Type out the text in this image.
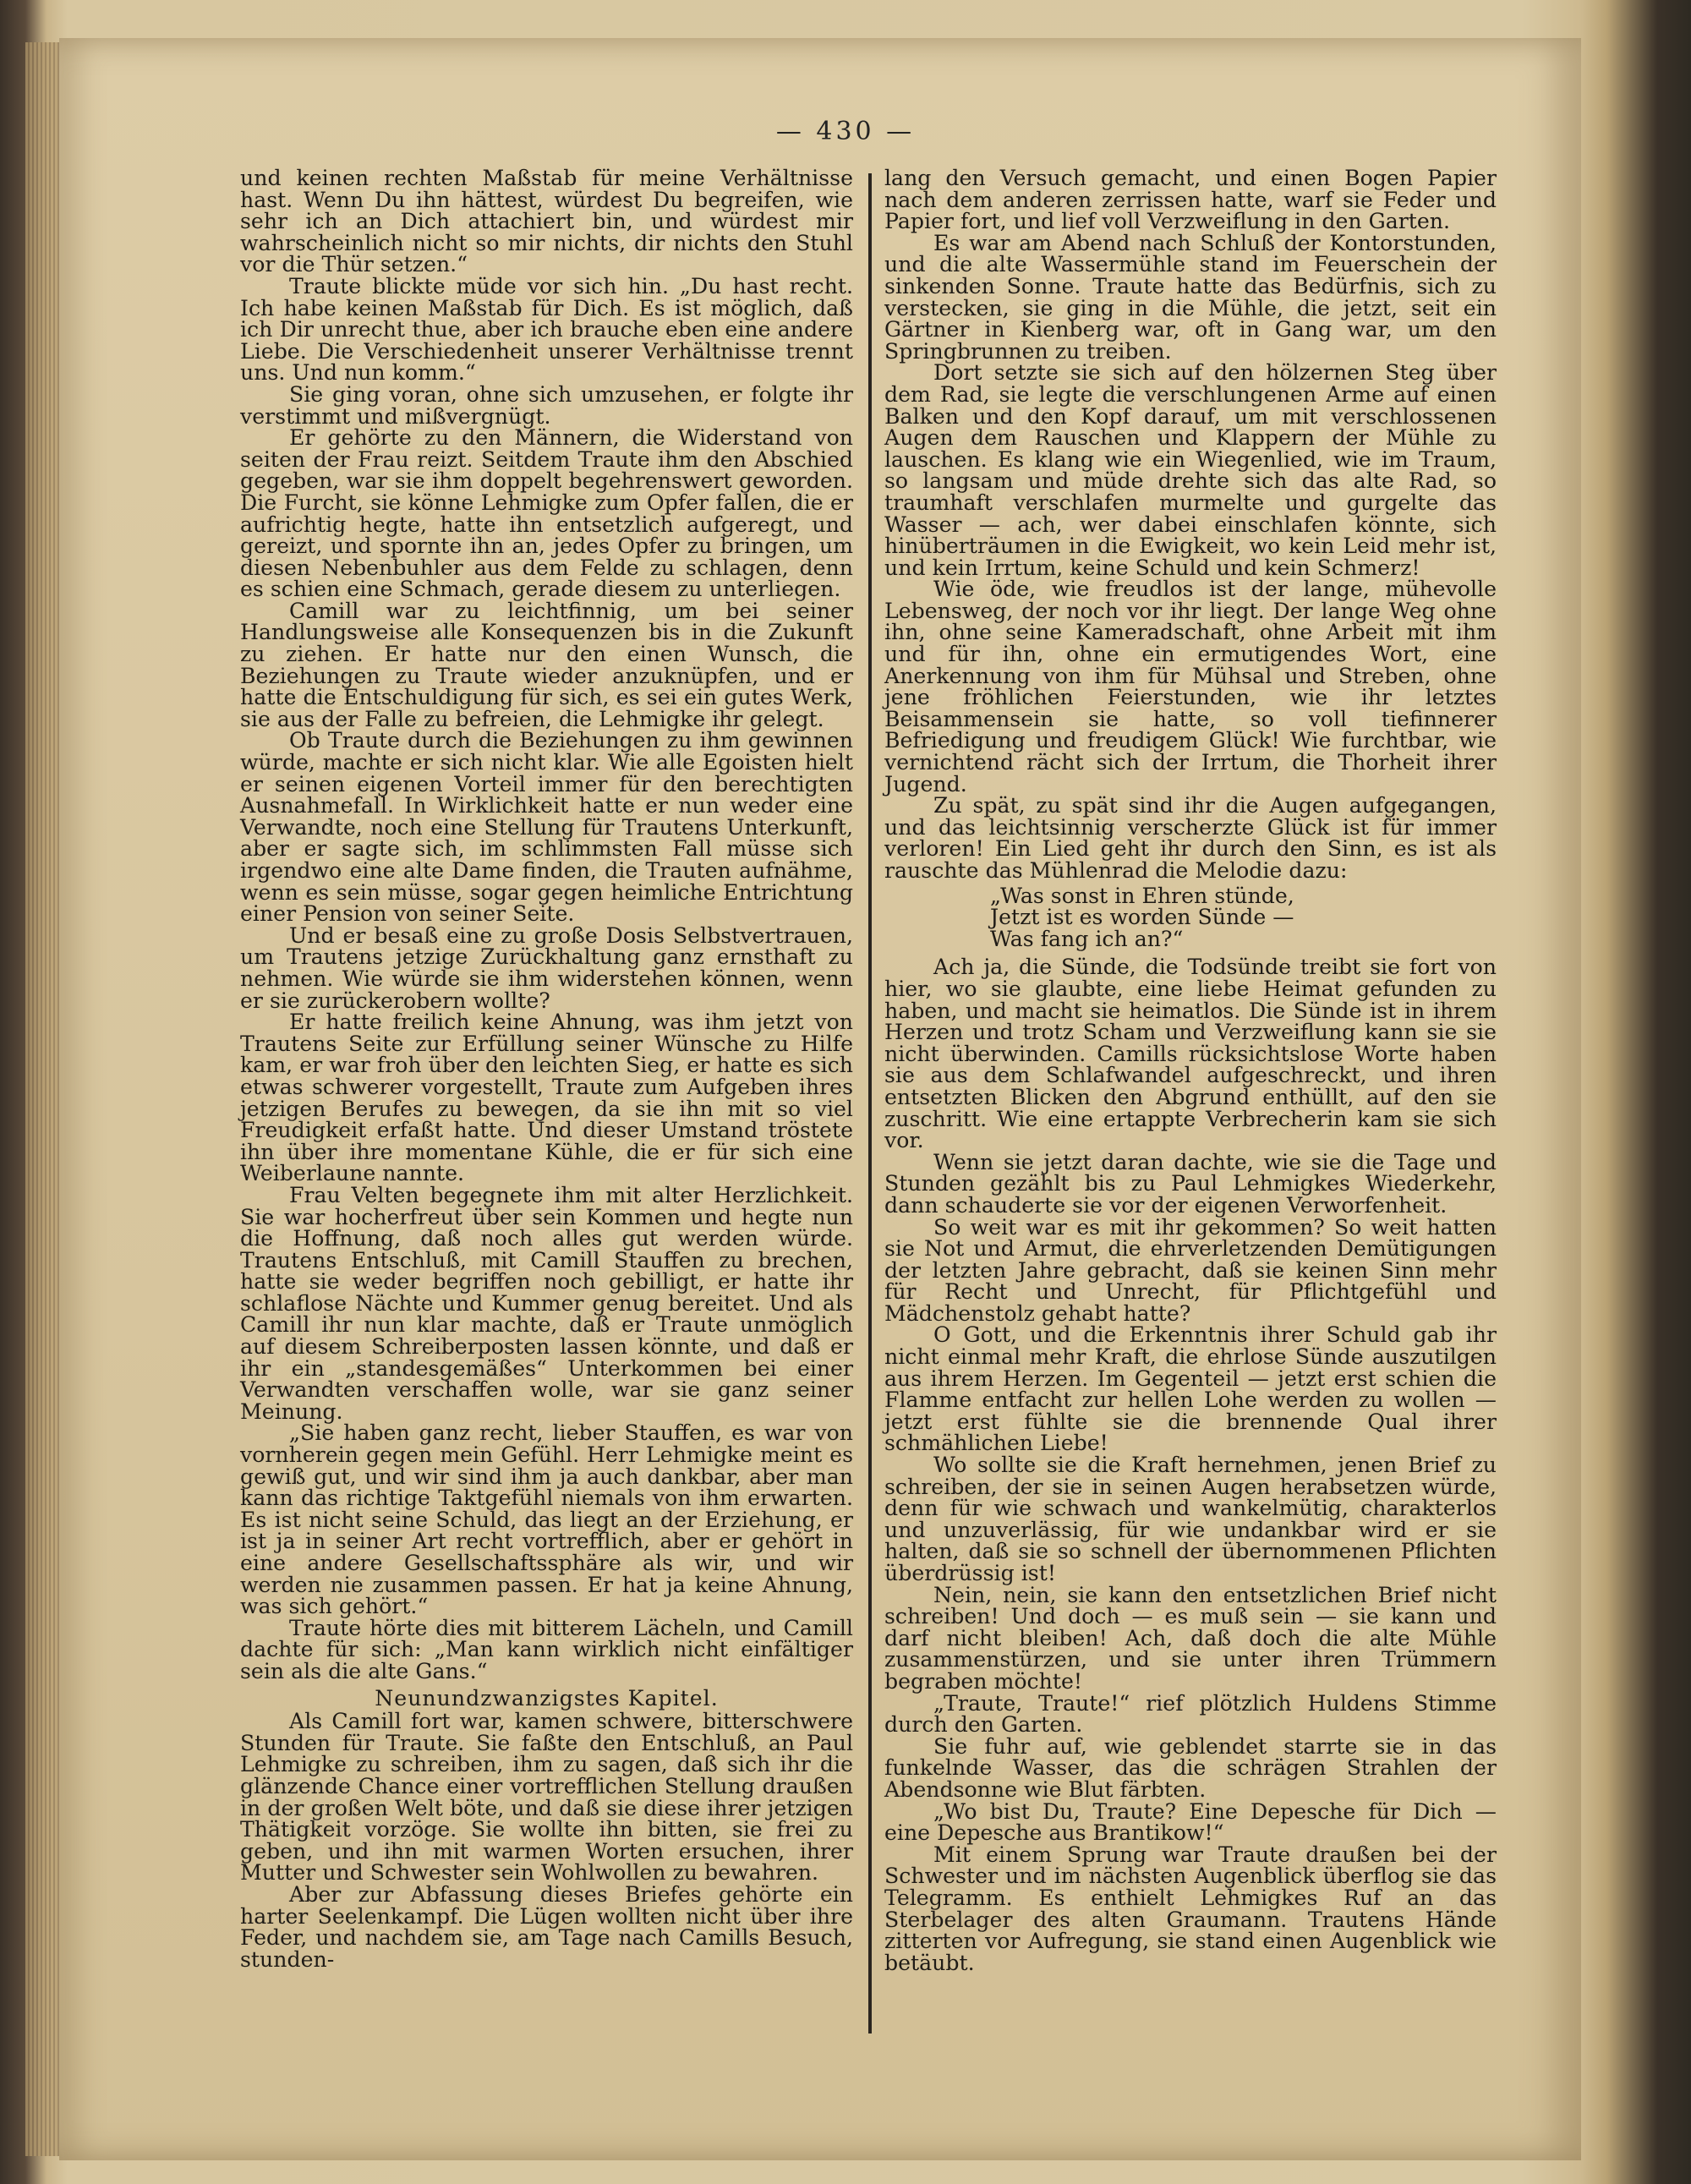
— 430 —

und keinen rechten Maßstab für meine Verhältnisse hast. Wenn Du ihn hättest, würdest Du begreifen, wie sehr ich an Dich attachiert bin, und würdest mir wahrscheinlich nicht so mir nichts, dir nichts den Stuhl vor die Thür setzen.“

Traute blickte müde vor sich hin. „Du hast recht. Ich habe keinen Maßstab für Dich. Es ist möglich, daß ich Dir unrecht thue, aber ich brauche eben eine andere Liebe. Die Verschiedenheit unserer Verhältnisse trennt uns. Und nun komm.“

Sie ging voran, ohne sich umzusehen, er folgte ihr verstimmt und mißvergnügt.

Er gehörte zu den Männern, die Widerstand von seiten der Frau reizt. Seitdem Traute ihm den Abschied gegeben, war sie ihm doppelt begehrenswert geworden. Die Furcht, sie könne Lehmigke zum Opfer fallen, die er aufrichtig hegte, hatte ihn entsetzlich aufgeregt, und gereizt, und spornte ihn an, jedes Opfer zu bringen, um diesen Nebenbuhler aus dem Felde zu schlagen, denn es schien eine Schmach, gerade diesem zu unterliegen.

Camill war zu leichtfinnig, um bei seiner Handlungsweise alle Konsequenzen bis in die Zukunft zu ziehen. Er hatte nur den einen Wunsch, die Beziehungen zu Traute wieder anzuknüpfen, und er hatte die Entschuldigung für sich, es sei ein gutes Werk, sie aus der Falle zu befreien, die Lehmigke ihr gelegt.

Ob Traute durch die Beziehungen zu ihm gewinnen würde, machte er sich nicht klar. Wie alle Egoisten hielt er seinen eigenen Vorteil immer für den berechtigten Ausnahmefall. In Wirklichkeit hatte er nun weder eine Verwandte, noch eine Stellung für Trautens Unterkunft, aber er sagte sich, im schlimmsten Fall müsse sich irgendwo eine alte Dame finden, die Trauten aufnähme, wenn es sein müsse, sogar gegen heimliche Entrichtung einer Pension von seiner Seite.

Und er besaß eine zu große Dosis Selbstvertrauen, um Trautens jetzige Zurückhaltung ganz ernsthaft zu nehmen. Wie würde sie ihm widerstehen können, wenn er sie zurückerobern wollte?

Er hatte freilich keine Ahnung, was ihm jetzt von Trautens Seite zur Erfüllung seiner Wünsche zu Hilfe kam, er war froh über den leichten Sieg, er hatte es sich etwas schwerer vorgestellt, Traute zum Aufgeben ihres jetzigen Berufes zu bewegen, da sie ihn mit so viel Freudigkeit erfaßt hatte. Und dieser Umstand tröstete ihn über ihre momentane Kühle, die er für sich eine Weiberlaune nannte.

Frau Velten begegnete ihm mit alter Herzlichkeit. Sie war hocherfreut über sein Kommen und hegte nun die Hoffnung, daß noch alles gut werden würde. Trautens Entschluß, mit Camill Stauffen zu brechen, hatte sie weder begriffen noch gebilligt, er hatte ihr schlaflose Nächte und Kummer genug bereitet. Und als Camill ihr nun klar machte, daß er Traute unmöglich auf diesem Schreiberposten lassen könnte, und daß er ihr ein „standesgemäßes“ Unterkommen bei einer Verwandten verschaffen wolle, war sie ganz seiner Meinung.

„Sie haben ganz recht, lieber Stauffen, es war von vornherein gegen mein Gefühl. Herr Lehmigke meint es gewiß gut, und wir sind ihm ja auch dankbar, aber man kann das richtige Taktgefühl niemals von ihm erwarten. Es ist nicht seine Schuld, das liegt an der Erziehung, er ist ja in seiner Art recht vortrefflich, aber er gehört in eine andere Gesellschaftssphäre als wir, und wir werden nie zusammen passen. Er hat ja keine Ahnung, was sich gehört.“

Traute hörte dies mit bitterem Lächeln, und Camill dachte für sich: „Man kann wirklich nicht einfältiger sein als die alte Gans.“

Neunundzwanzigstes Kapitel.

Als Camill fort war, kamen schwere, bitterschwere Stunden für Traute. Sie faßte den Entschluß, an Paul Lehmigke zu schreiben, ihm zu sagen, daß sich ihr die glänzende Chance einer vortrefflichen Stellung draußen in der großen Welt böte, und daß sie diese ihrer jetzigen Thätigkeit vorzöge. Sie wollte ihn bitten, sie frei zu geben, und ihn mit warmen Worten ersuchen, ihrer Mutter und Schwester sein Wohlwollen zu bewahren.

Aber zur Abfassung dieses Briefes gehörte ein harter Seelenkampf. Die Lügen wollten nicht über ihre Feder, und nachdem sie, am Tage nach Camills Besuch, stunden-

lang den Versuch gemacht, und einen Bogen Papier nach dem anderen zerrissen hatte, warf sie Feder und Papier fort, und lief voll Verzweiflung in den Garten.

Es war am Abend nach Schluß der Kontorstunden, und die alte Wassermühle stand im Feuerschein der sinkenden Sonne. Traute hatte das Bedürfnis, sich zu verstecken, sie ging in die Mühle, die jetzt, seit ein Gärtner in Kienberg war, oft in Gang war, um den Springbrunnen zu treiben.

Dort setzte sie sich auf den hölzernen Steg über dem Rad, sie legte die verschlungenen Arme auf einen Balken und den Kopf darauf, um mit verschlossenen Augen dem Rauschen und Klappern der Mühle zu lauschen. Es klang wie ein Wiegenlied, wie im Traum, so langsam und müde drehte sich das alte Rad, so traumhaft verschlafen murmelte und gurgelte das Wasser — ach, wer dabei einschlafen könnte, sich hinüberträumen in die Ewigkeit, wo kein Leid mehr ist, und kein Irrtum, keine Schuld und kein Schmerz!

Wie öde, wie freudlos ist der lange, mühevolle Lebensweg, der noch vor ihr liegt. Der lange Weg ohne ihn, ohne seine Kameradschaft, ohne Arbeit mit ihm und für ihn, ohne ein ermutigendes Wort, eine Anerkennung von ihm für Mühsal und Streben, ohne jene fröhlichen Feierstunden, wie ihr letztes Beisammensein sie hatte, so voll tiefinnerer Befriedigung und freudigem Glück! Wie furchtbar, wie vernichtend rächt sich der Irrtum, die Thorheit ihrer Jugend.

Zu spät, zu spät sind ihr die Augen aufgegangen, und das leichtsinnig verscherzte Glück ist für immer verloren! Ein Lied geht ihr durch den Sinn, es ist als rauschte das Mühlenrad die Melodie dazu:

„Was sonst in Ehren stünde,
Jetzt ist es worden Sünde —
Was fang ich an?“

Ach ja, die Sünde, die Todsünde treibt sie fort von hier, wo sie glaubte, eine liebe Heimat gefunden zu haben, und macht sie heimatlos. Die Sünde ist in ihrem Herzen und trotz Scham und Verzweiflung kann sie sie nicht überwinden. Camills rücksichtslose Worte haben sie aus dem Schlafwandel aufgeschreckt, und ihren entsetzten Blicken den Abgrund enthüllt, auf den sie zuschritt. Wie eine ertappte Verbrecherin kam sie sich vor.

Wenn sie jetzt daran dachte, wie sie die Tage und Stunden gezählt bis zu Paul Lehmigkes Wiederkehr, dann schauderte sie vor der eigenen Verworfenheit.

So weit war es mit ihr gekommen? So weit hatten sie Not und Armut, die ehrverletzenden Demütigungen der letzten Jahre gebracht, daß sie keinen Sinn mehr für Recht und Unrecht, für Pflichtgefühl und Mädchenstolz gehabt hatte?

O Gott, und die Erkenntnis ihrer Schuld gab ihr nicht einmal mehr Kraft, die ehrlose Sünde auszutilgen aus ihrem Herzen. Im Gegenteil — jetzt erst schien die Flamme entfacht zur hellen Lohe werden zu wollen — jetzt erst fühlte sie die brennende Qual ihrer schmählichen Liebe!

Wo sollte sie die Kraft hernehmen, jenen Brief zu schreiben, der sie in seinen Augen herabsetzen würde, denn für wie schwach und wankelmütig, charakterlos und unzuverlässig, für wie undankbar wird er sie halten, daß sie so schnell der übernommenen Pflichten überdrüssig ist!

Nein, nein, sie kann den entsetzlichen Brief nicht schreiben! Und doch — es muß sein — sie kann und darf nicht bleiben! Ach, daß doch die alte Mühle zusammenstürzen, und sie unter ihren Trümmern begraben möchte!

„Traute, Traute!“ rief plötzlich Huldens Stimme durch den Garten.

Sie fuhr auf, wie geblendet starrte sie in das funkelnde Wasser, das die schrägen Strahlen der Abendsonne wie Blut färbten.

„Wo bist Du, Traute? Eine Depesche für Dich — eine Depesche aus Brantikow!“

Mit einem Sprung war Traute draußen bei der Schwester und im nächsten Augenblick überflog sie das Telegramm. Es enthielt Lehmigkes Ruf an das Sterbelager des alten Graumann. Trautens Hände zitterten vor Aufregung, sie stand einen Augenblick wie betäubt.
